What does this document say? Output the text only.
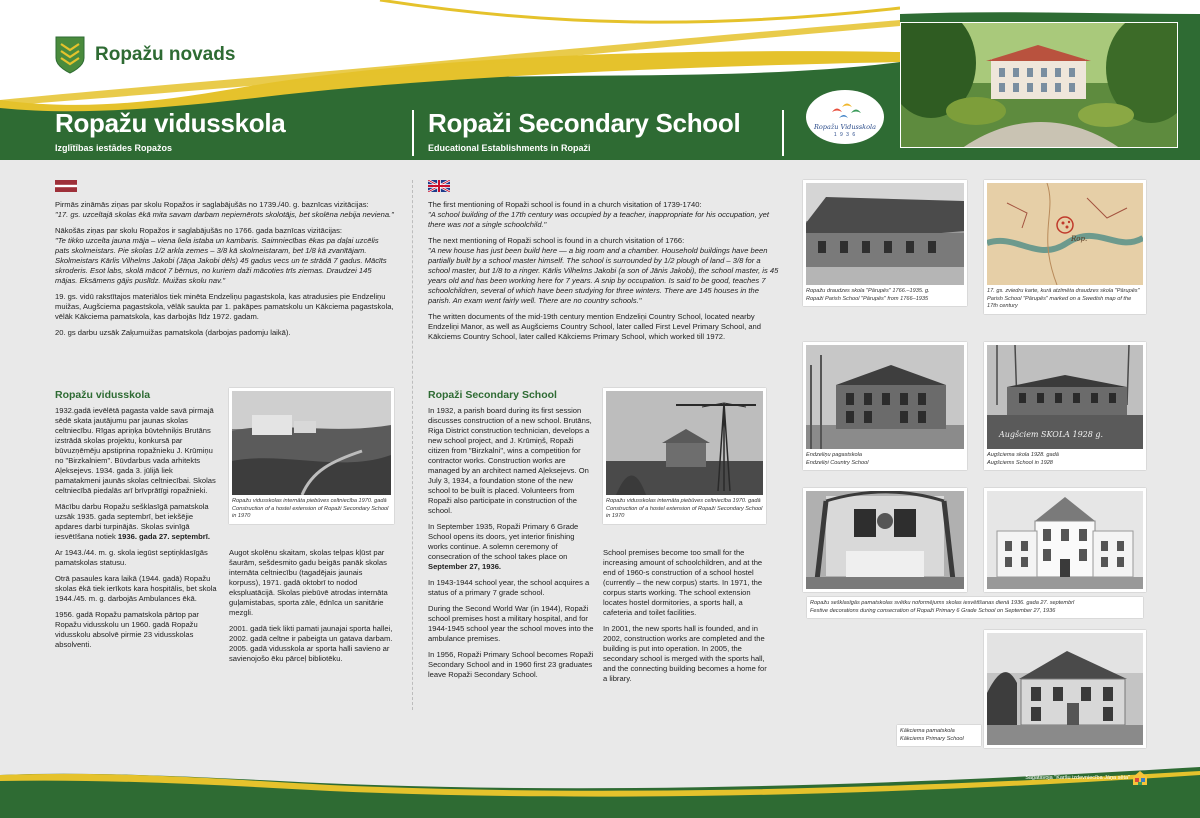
Ropažu novads
Ropažu vidusskola
Izglītības iestādes Ropažos
Ropaži Secondary School
Educational Establishments in Ropaži
Ropažu Vidusskola
1 9 3 6

Pirmās zināmās ziņas par skolu Ropažos ir saglabājušās no 1739./40. g. baznīcas vizitācijas:
"17. gs. uzceltajā skolas ēkā mita savam darbam nepiemērots skolotājs, bet skolēna nebija neviena."

Nākošās ziņas par skolu Ropažos ir saglabājušās no 1766. gada baznīcas vizitācijas:
"Te tikko uzcelta jauna māja – viena liela istaba un kambaris. Saimniecības ēkas pa daļai uzcēlis pats skolmeistars. Pie skolas 1/2 arkla zemes – 3/8 kā skolmeistaram, bet 1/8 kā zvanītājam. Skolmeistars Kārlis Vilhelms Jakobi (Jāņa Jakobi dēls) 45 gadus vecs un te strādā 7 gadus. Mācīts skroderis. Esot labs, skolā mācot 7 bērnus, no kuriem daži mācoties trīs ziemas. Draudzei 145 mājas. Eksāmens gājis puslīdz. Muižas skolu nav."

19. gs. vidū rakstītajos materiālos tiek minēta Endzeliņu pagastskola, kas atradusies pie Endzeliņu muižas, Augšciema pagastskola, vēlāk saukta par 1. pakāpes pamatskolu un Kākciema pagastskola, vēlāk Kākciema pamatskola, kas darbojās līdz 1972. gadam.

20. gs darbu uzsāk Zaķumuižas pamatskola (darbojas padomju laikā).

Ropažu vidusskola

1932.gadā ievēlētā pagasta valde savā pirmajā sēdē skata jautājumu par jaunas skolas celtniecību. Rīgas apriņķa būvtehniķis Brutāns izstrādā skolas projektu, konkursā par būvuzņēmēju apstiprina ropažnieku J. Krūmiņu no "Birzkalniem". Būvdarbus vada arhitekts Aļeksejevs. 1934. gada 3. jūlijā liek pamatakmeni jaunās skolas celtniecībai. Skolas celtniecībā piedalās arī brīvprātīgi ropažnieki.

Mācību darbu Ropažu sešklasīgā pamatskola uzsāk 1935. gada septembrī, bet iekšējie apdares darbi turpinājās. Skolas svinīgā iesvētīšana notiek 1936. gada 27. septembrī.

Ar 1943./44. m. g. skola iegūst septiņklasīgās pamatskolas statusu.

Otrā pasaules kara laikā (1944. gadā) Ropažu skolas ēkā tiek ierīkots kara hospitālis, bet skola 1944./45. m. g. darbojās Ambulances ēkā.

1956. gadā Ropažu pamatskola pārtop par Ropažu vidusskolu un 1960. gadā Ropažu vidusskolu absolvē pirmie 23 vidusskolas absolventi.

Ropažu vidusskolas internāta piebūves celtniecība 1970. gadā
Construction of a hostel extension of Ropaži Secondary School in 1970

Augot skolēnu skaitam, skolas telpas kļūst par šaurām, sešdesmito gadu beigās panāk skolas internāta celtniecību (tagadējais jaunais korpuss), 1971. gadā oktobrī to nodod ekspluatācijā. Skolas piebūvē atrodas internāta guļamistabas, sporta zāle, ēdnīca un sanitārie mezgli.

2001. gadā tiek likti pamati jaunajai sporta hallei, 2002. gadā celtne ir pabeigta un gatava darbam. 2005. gadā vidusskola ar sporta halli savieno ar savienojošo ēku pārceļ bibliotēku.

The first mentioning of Ropaži school is found in a church visitation of 1739-1740:
"A school building of the 17th century was occupied by a teacher, inappropriate for his occupation, yet there was not a single schoolchild."

The next mentioning of Ropaži school is found in a church visitation of 1766:
"A new house has just been build here — a big room and a chamber. Household buildings have been partially built by a school master himself. The school is surrounded by 1/2 plough of land – 3/8 for a school master, but 1/8 to a ringer. Kārlis Vilhelms Jakobi (a son of Jānis Jakobi), the school master, is 45 years old and has been working here for 7 years. A snip by occupation. Is said to be good, teaches 7 schoolchildren, several of which have been studying for three winters. There are 145 houses in the parish. An exam went fairly well. There are no country schools."

The written documents of the mid-19th century mention Endzeliņi Country School, located nearby Endzeliņi Manor, as well as Augšciems Country School, later called First Level Primary School, and Kākciems Country School, later called Kākciems Primary School, which worked till 1972.

Ropaži Secondary School

In 1932, a parish board during its first session discusses construction of a new school. Brutāns, Riga District construction technician, develops a new school project, and J. Krūmiņš, Ropaži citizen from "Birzkalni", wins a competition for contractor works. Construction works are managed by an architect named Aļeksejevs. On July 3, 1934, a foundation stone of the new school to be built is placed. Volunteers from Ropaži also participate in construction of the school.

In September 1935, Ropaži Primary 6 Grade School opens its doors, yet interior finishing works continue. A solemn ceremony of consecration of the school takes place on September 27, 1936.

In 1943-1944 school year, the school acquires a status of a primary 7 grade school.

During the Second World War (in 1944), Ropaži school premises host a military hospital, and for 1944-1945 school year the school moves into the ambulance premises.

In 1956, Ropaži Primary School becomes Ropaži Secondary School and in 1960 first 23 graduates leave Ropaži Secondary School.

Ropažu vidusskolas internāta piebūves celtniecība 1970. gadā
Construction of a hostel extension of Ropaži Secondary School in 1970

School premises become too small for the increasing amount of schoolchildren, and at the end of 1960-s construction of a school hostel (currently – the new corpus) starts. In 1971, the corpus starts working. The school extension locates hostel dormitories, a sports hall, a cafeteria and toilet facilities.

In 2001, the new sports hall is founded, and in 2002, construction works are completed and the building is put into operation. In 2005, the secondary school is merged with the sports hall, and the connecting building becomes a home for a library.

Ropažu draudzes skola "Pārupēs" 1766.–1935. g.
Ropaži Parish School "Pārupēs" from 1766–1935
Rop.
17. gs. zviedru karte, kurā atzīmēta draudzes skola "Pārupēs"
Parish School "Pārupēs" marked on a Swedish map of the 17th century
Endzeliņu pagastskola
Endzeliņi Country School
Augšciem SKOLA 1928 g.
Augšciema skola 1928. gadā
Augšciems School in 1928
Ropažu sešklasīgās pamatskolas svētku noformējums skolas iesvētīšanas dienā 1936. gada 27. septembrī
Festive decorations during consecration of Ropaži Primary 6 Grade School on September 27, 1936
Kākciema pamatskola
Kākciems Primary School
Sagatavoja "Karšu izdevniecība Jāņa sēta"
